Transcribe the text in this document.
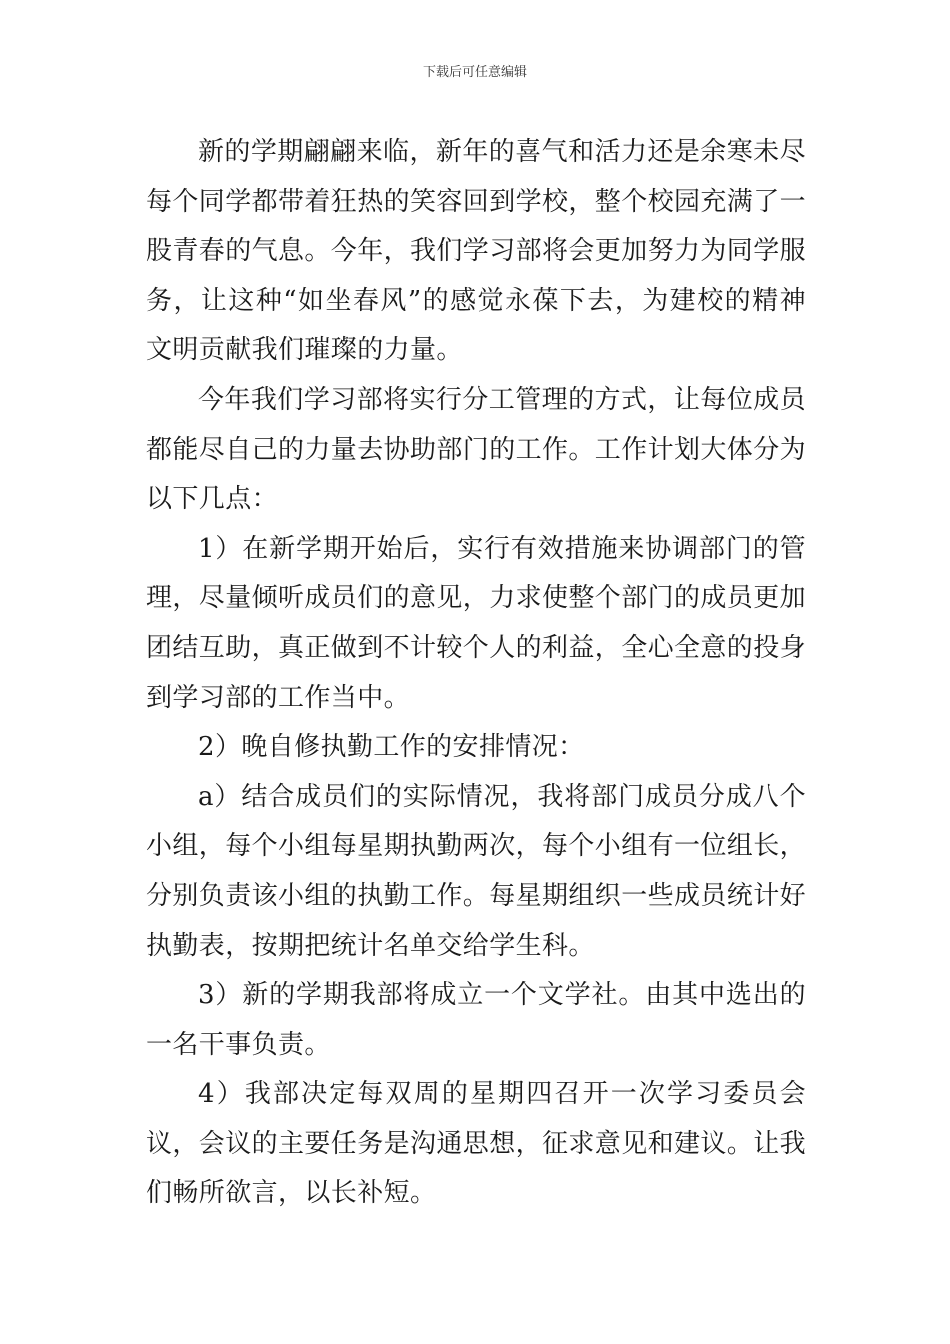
下载后可任意编辑

新的学期翩翩来临，新年的喜气和活力还是余寒未尽每个同学都带着狂热的笑容回到学校，整个校园充满了一股青春的气息。今年，我们学习部将会更加努力为同学服务，让这种“如坐春风”的感觉永葆下去，为建校的精神文明贡献我们璀璨的力量。

今年我们学习部将实行分工管理的方式，让每位成员都能尽自己的力量去协助部门的工作。工作计划大体分为以下几点：

1）在新学期开始后，实行有效措施来协调部门的管理，尽量倾听成员们的意见，力求使整个部门的成员更加团结互助，真正做到不计较个人的利益，全心全意的投身到学习部的工作当中。

2）晚自修执勤工作的安排情况：

a）结合成员们的实际情况，我将部门成员分成八个小组，每个小组每星期执勤两次，每个小组有一位组长，分别负责该小组的执勤工作。每星期组织一些成员统计好执勤表，按期把统计名单交给学生科。

3）新的学期我部将成立一个文学社。由其中选出的一名干事负责。

4）我部决定每双周的星期四召开一次学习委员会议，会议的主要任务是沟通思想，征求意见和建议。让我们畅所欲言，以长补短。
